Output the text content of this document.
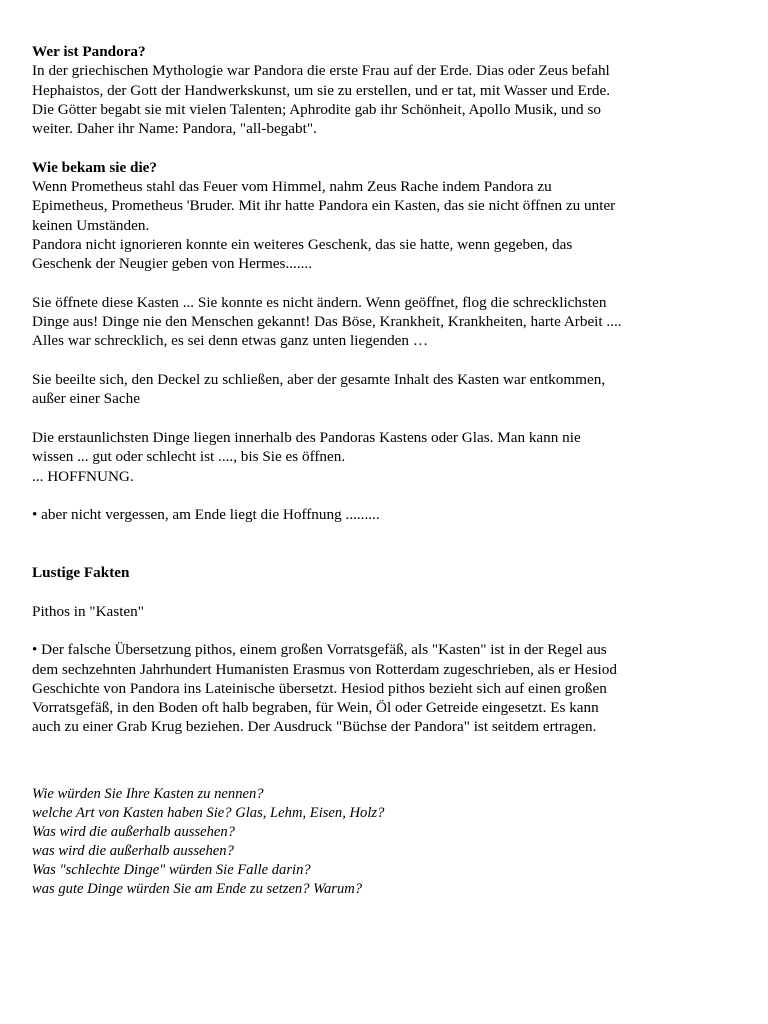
Wer ist Pandora?
In der griechischen Mythologie war Pandora die erste Frau auf der Erde. Dias oder Zeus befahl
Hephaistos, der Gott der Handwerkskunst, um sie zu erstellen, und er tat, mit Wasser und Erde.
Die Götter begabt sie mit vielen Talenten; Aphrodite gab ihr Schönheit, Apollo Musik, und so
weiter. Daher ihr Name: Pandora, "all-begabt".
Wie bekam sie die?
Wenn Prometheus stahl das Feuer vom Himmel, nahm Zeus Rache indem Pandora zu
Epimetheus, Prometheus 'Bruder. Mit ihr hatte Pandora ein Kasten, das sie nicht öffnen zu unter
keinen Umständen.
Pandora nicht ignorieren konnte ein weiteres Geschenk, das sie hatte, wenn gegeben, das
Geschenk der Neugier geben von Hermes.......
Sie öffnete diese Kasten ... Sie konnte es nicht ändern. Wenn geöffnet, flog die schrecklichsten
Dinge aus! Dinge nie den Menschen gekannt! Das Böse, Krankheit, Krankheiten, harte Arbeit ....
Alles war schrecklich, es sei denn etwas ganz unten liegenden …
Sie beeilte sich, den Deckel zu schließen, aber der gesamte Inhalt des Kasten war entkommen,
außer einer Sache
Die erstaunlichsten Dinge liegen innerhalb des Pandoras Kastens oder Glas. Man kann nie
wissen ... gut oder schlecht ist ...., bis Sie es öffnen.
... HOFFNUNG.
• aber nicht vergessen, am Ende liegt die Hoffnung .........
Lustige Fakten
Pithos in "Kasten"
• Der falsche Übersetzung pithos, einem großen Vorratsgefäß, als "Kasten" ist in der Regel aus
dem sechzehnten Jahrhundert Humanisten Erasmus von Rotterdam zugeschrieben, als er Hesiod
Geschichte von Pandora ins Lateinische übersetzt. Hesiod pithos bezieht sich auf einen großen
Vorratsgefäß, in den Boden oft halb begraben, für Wein, Öl oder Getreide eingesetzt. Es kann
auch zu einer Grab Krug beziehen. Der Ausdruck "Büchse der Pandora" ist seitdem ertragen.
Wie würden Sie Ihre Kasten zu nennen?
welche Art von Kasten haben Sie? Glas, Lehm, Eisen, Holz?
Was wird die außerhalb aussehen?
was wird die außerhalb aussehen?
Was "schlechte Dinge" würden Sie Falle darin?
was gute Dinge würden Sie am Ende zu setzen? Warum?
